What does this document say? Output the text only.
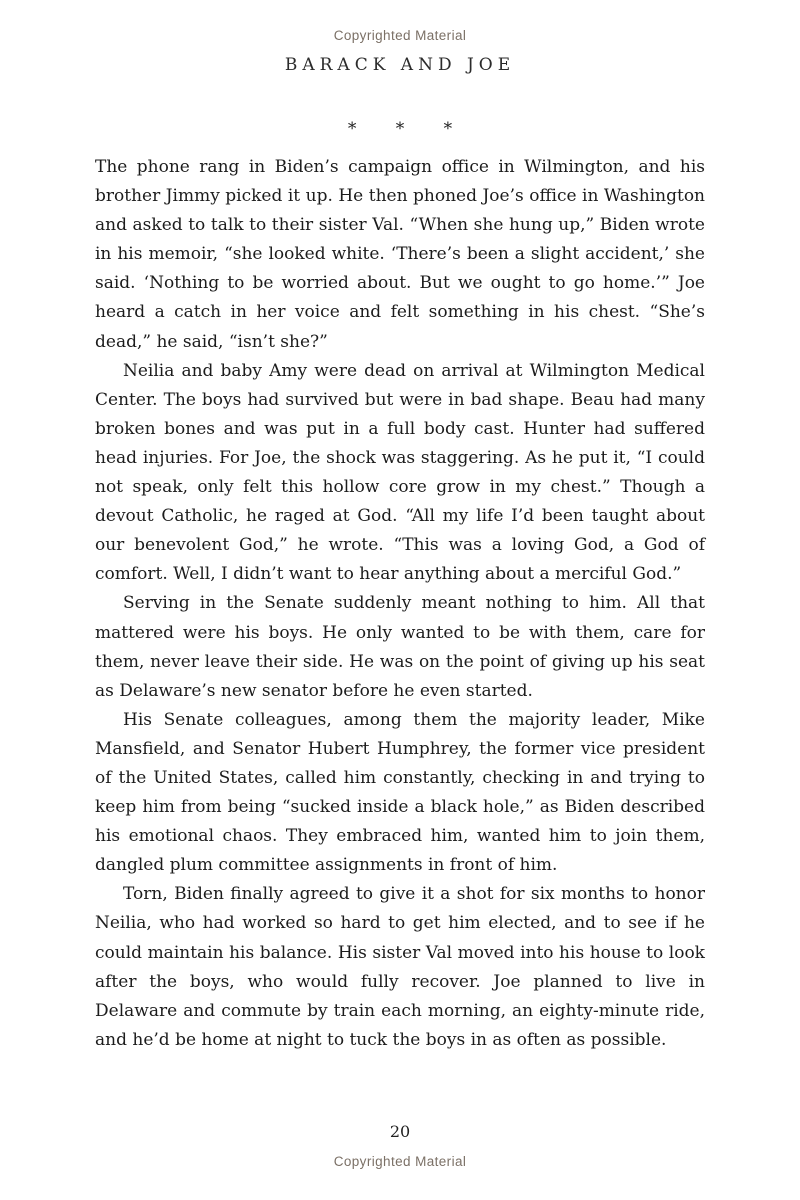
Copyrighted Material
BARACK AND JOE
* * *

The phone rang in Biden’s campaign office in Wilmington, and his brother Jimmy picked it up. He then phoned Joe’s office in Washington and asked to talk to their sister Val. “When she hung up,” Biden wrote in his memoir, “she looked white. ‘There’s been a slight accident,’ she said. ‘Nothing to be worried about. But we ought to go home.’” Joe heard a catch in her voice and felt something in his chest. “She’s dead,” he said, “isn’t she?”

Neilia and baby Amy were dead on arrival at Wilmington Medical Center. The boys had survived but were in bad shape. Beau had many broken bones and was put in a full body cast. Hunter had suffered head injuries. For Joe, the shock was staggering. As he put it, “I could not speak, only felt this hollow core grow in my chest.” Though a devout Catholic, he raged at God. “All my life I’d been taught about our benevolent God,” he wrote. “This was a loving God, a God of comfort. Well, I didn’t want to hear anything about a merciful God.”

Serving in the Senate suddenly meant nothing to him. All that mattered were his boys. He only wanted to be with them, care for them, never leave their side. He was on the point of giving up his seat as Delaware’s new senator before he even started.

His Senate colleagues, among them the majority leader, Mike Mansfield, and Senator Hubert Humphrey, the former vice president of the United States, called him constantly, checking in and trying to keep him from being “sucked inside a black hole,” as Biden described his emotional chaos. They embraced him, wanted him to join them, dangled plum committee assignments in front of him.

Torn, Biden finally agreed to give it a shot for six months to honor Neilia, who had worked so hard to get him elected, and to see if he could maintain his balance. His sister Val moved into his house to look after the boys, who would fully recover. Joe planned to live in Delaware and commute by train each morning, an eighty-minute ride, and he’d be home at night to tuck the boys in as often as possible.

20
Copyrighted Material
